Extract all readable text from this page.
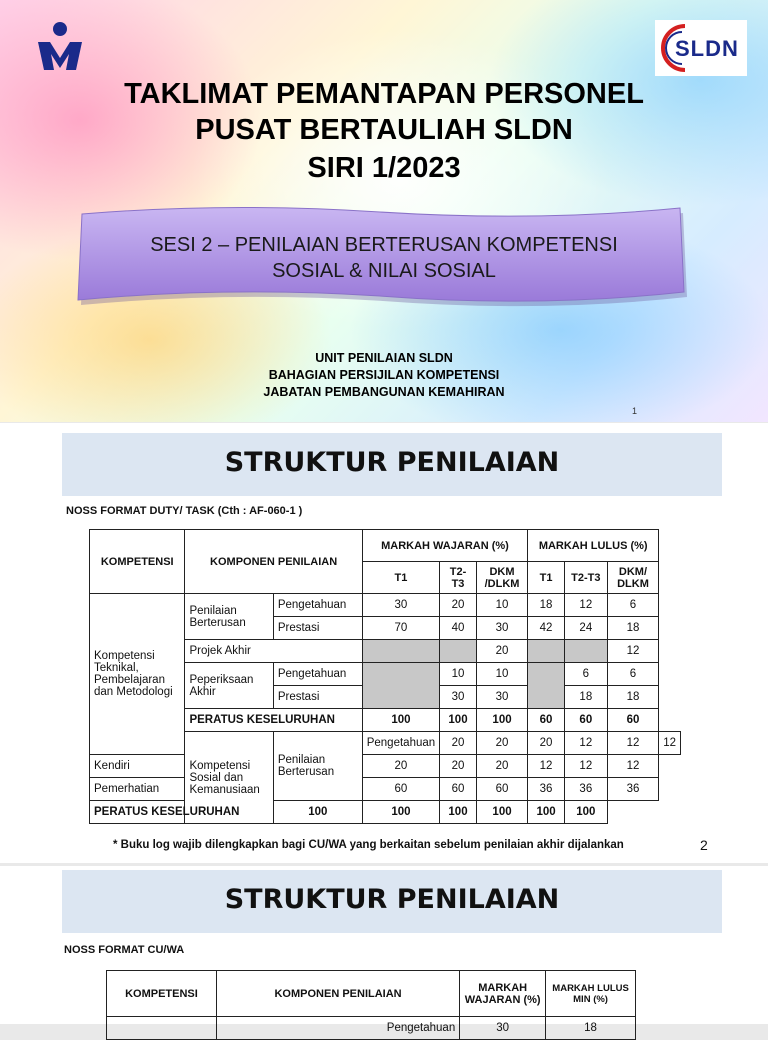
SLDN
TAKLIMAT PEMANTAPAN PERSONEL
PUSAT BERTAULIAH SLDN
SIRI 1/2023
SESI 2 – PENILAIAN BERTERUSAN KOMPETENSI
SOSIAL & NILAI SOSIAL
UNIT PENILAIAN SLDN
BAHAGIAN PERSIJILAN KOMPETENSI
JABATAN PEMBANGUNAN KEMAHIRAN
1
STRUKTUR PENILAIAN
NOSS FORMAT DUTY/ TASK (Cth : AF-060-1 )
KOMPETENSI	KOMPONEN PENILAIAN		MARKAH WAJARAN (%)			MARKAH LULUS (%)			
			T1	T2-T3	DKM /DLKM	T1	T2-T3	DKM/ DLKM	
Kompetensi Teknikal, Pembelajaran dan Metodologi	Penilaian Berterusan	Pengetahuan	30	20	10	18	12	6	
		Prestasi	70	40	30	42	24	18	
	Projek Akhir				20			12	
	Peperiksaan Akhir	Pengetahuan		10	10		6	6	
		Prestasi		30	30		18	18	
	PERATUS KESELURUHAN		100	100	100	60	60	60	
	Kompetensi Sosial dan Kemanusiaan	Penilaian Berterusan	Pengetahuan	20	20	20	12	12	12
Kendiri			20	20	20	12	12	12	
Pemerhatian			60	60	60	36	36	36	
PERATUS KESELURUHAN		100	100	100	100	100	100		
* Buku log wajib dilengkapkan bagi CU/WA yang berkaitan sebelum penilaian akhir dijalankan	2
STRUKTUR PENILAIAN
NOSS FORMAT CU/WA
KOMPETENSI	KOMPONEN PENILAIAN	MARKAH WAJARAN (%)	MARKAH LULUS MIN (%)
	Pengetahuan	30	18
